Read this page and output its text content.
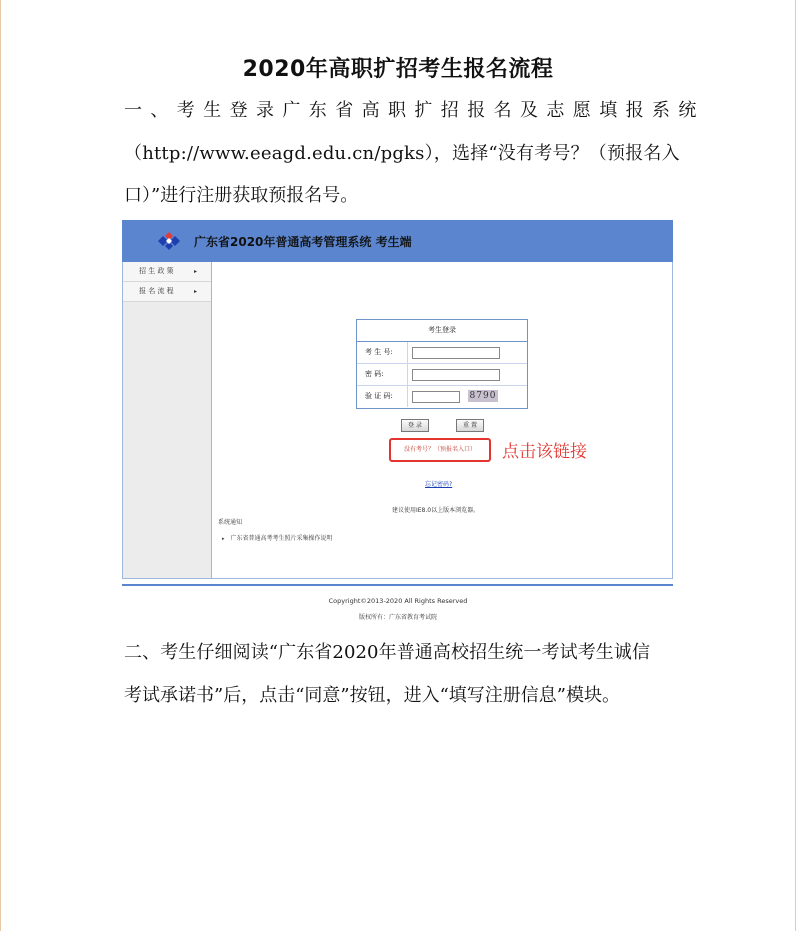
2020年高职扩招考生报名流程
一、考生登录广东省高职扩招报名及志愿填报系统
（http://www.eeagd.edu.cn/pgks），选择“没有考号？（预报名入
口）”进行注册获取预报名号。
广东省2020年普通高考管理系统 考生端
招 生 政 策	▸
报 名 流 程	▸
考生登录
考 生 号:
密 码:
验 证 码:	8790
登 录	重 置
没有考号？（预报名入口）	点击该链接
忘记密码?
建议使用IE8.0以上版本浏览器。
系统通知
▸ 广东省普通高考考生照片采集操作说明
Copyright©2013-2020 All Rights Reserved
版权所有：广东省教育考试院
二、考生仔细阅读“广东省2020年普通高校招生统一考试考生诚信
考试承诺书”后，点击“同意”按钮，进入“填写注册信息”模块。
